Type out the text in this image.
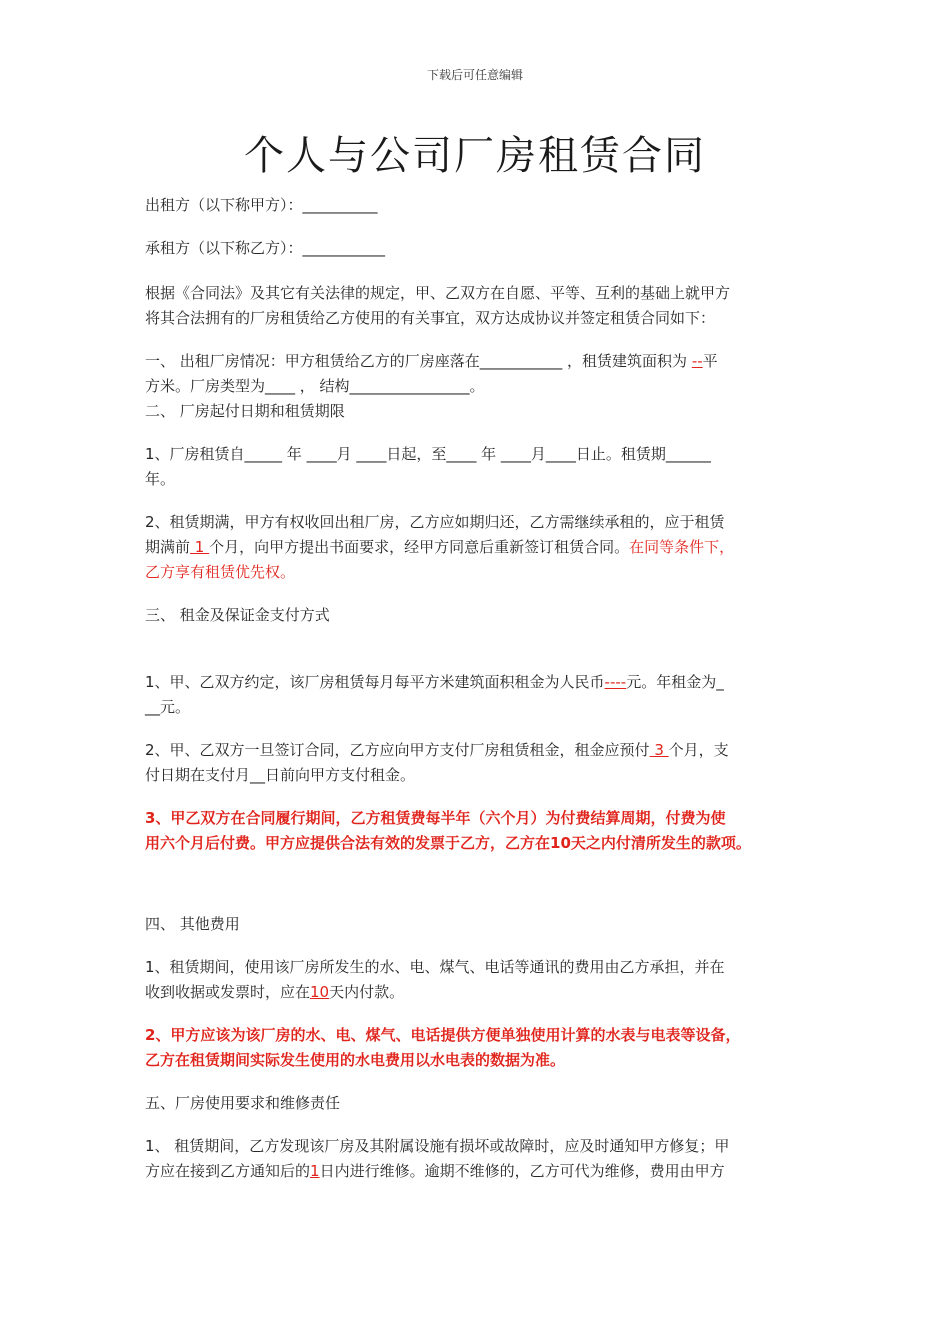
下载后可任意编辑
个人与公司厂房租赁合同

出租方（以下称甲方）：__________

承租方（以下称乙方）：___________

根据《合同法》及其它有关法律的规定，甲、乙双方在自愿、平等、互利的基础上就甲方

将其合法拥有的厂房租赁给乙方使用的有关事宜，双方达成协议并签定租赁合同如下：

一、 出租厂房情况：甲方租赁给乙方的厂房座落在___________ ，租赁建筑面积为 --平

方米。厂房类型为____ ， 结构________________。

二、 厂房起付日期和租赁期限

1、厂房租赁自_____ 年 ____月 ____日起，至____ 年 ____月____日止。租赁期______

年。

2、租赁期满，甲方有权收回出租厂房，乙方应如期归还，乙方需继续承租的，应于租赁

期满前 1 个月，向甲方提出书面要求，经甲方同意后重新签订租赁合同。在同等条件下，

乙方享有租赁优先权。

三、 租金及保证金支付方式

1、甲、乙双方约定，该厂房租赁每月每平方米建筑面积租金为人民币----元。年租金为_

__元。

2、甲、乙双方一旦签订合同，乙方应向甲方支付厂房租赁租金，租金应预付 3 个月，支

付日期在支付月__日前向甲方支付租金。

3、甲乙双方在合同履行期间，乙方租赁费每半年（六个月）为付费结算周期，付费为使

用六个月后付费。甲方应提供合法有效的发票于乙方，乙方在10天之内付清所发生的款项。

四、 其他费用

1、租赁期间，使用该厂房所发生的水、电、煤气、电话等通讯的费用由乙方承担，并在

收到收据或发票时，应在10天内付款。

2、甲方应该为该厂房的水、电、煤气、电话提供方便单独使用计算的水表与电表等设备，

乙方在租赁期间实际发生使用的水电费用以水电表的数据为准。

五、厂房使用要求和维修责任

1、 租赁期间，乙方发现该厂房及其附属设施有损坏或故障时，应及时通知甲方修复；甲

方应在接到乙方通知后的1日内进行维修。逾期不维修的，乙方可代为维修，费用由甲方
